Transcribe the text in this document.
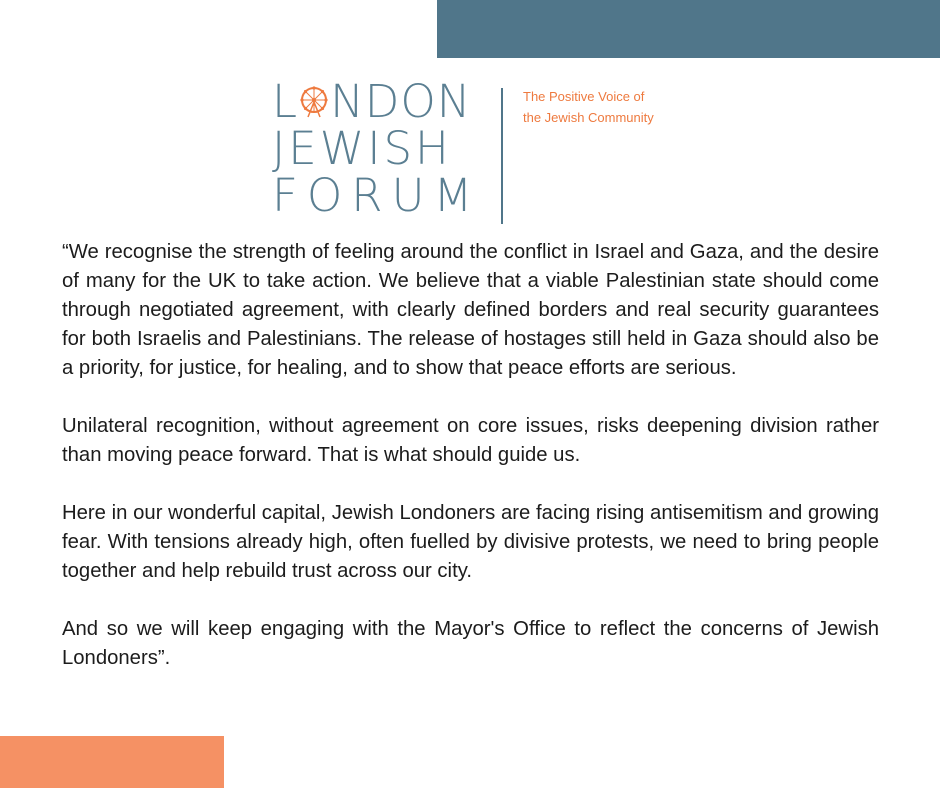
L NDON
JEWISH
FORUM
The Positive Voice of
the Jewish Community

“We recognise the strength of feeling around the conflict in Israel and Gaza, and the desire of many for the UK to take action. We believe that a viable Palestinian state should come through negotiated agreement, with clearly defined borders and real security guarantees for both Israelis and Palestinians. The release of hostages still held in Gaza should also be a priority, for justice, for healing, and to show that peace efforts are serious.

Unilateral recognition, without agreement on core issues, risks deepening division rather than moving peace forward. That is what should guide us.

Here in our wonderful capital, Jewish Londoners are facing rising antisemitism and growing fear. With tensions already high, often fuelled by divisive protests, we need to bring people together and help rebuild trust across our city.

And so we will keep engaging with the Mayor's Office to reflect the concerns of Jewish Londoners”.
